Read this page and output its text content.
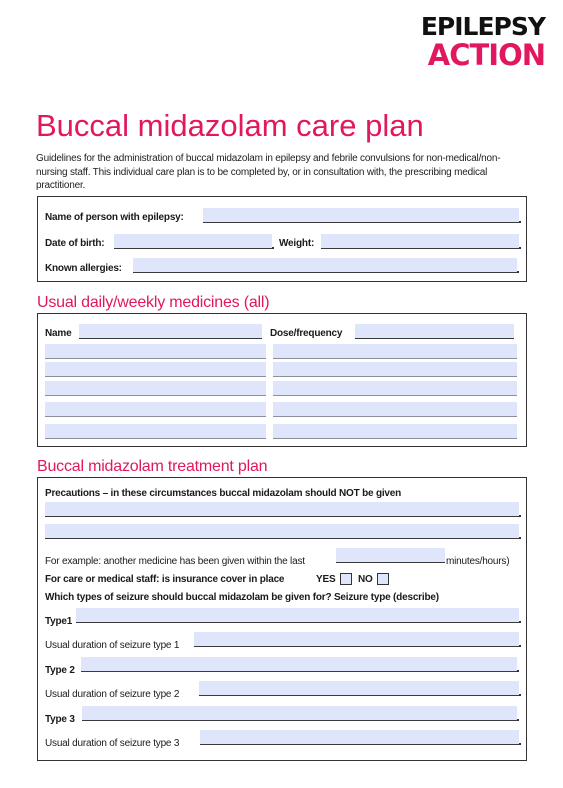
EPILEPSY
ACTION
Buccal midazolam care plan
Guidelines for the administration of buccal midazolam in epilepsy and febrile convulsions for non-medical/non-nursing staff. This individual care plan is to be completed by, or in consultation with, the prescribing medical practitioner.
Name of person with epilepsy:
Date of birth:	Weight:
Known allergies:
Usual daily/weekly medicines (all)
Name	Dose/frequency
Buccal midazolam treatment plan
Precautions – in these circumstances buccal midazolam should NOT be given
For example: another medicine has been given within the last	minutes/hours)
For care or medical staff: is insurance cover in place	YES NO
Which types of seizure should buccal midazolam be given for? Seizure type (describe)
Type1
Usual duration of seizure type 1
Type 2
Usual duration of seizure type 2
Type 3
Usual duration of seizure type 3
